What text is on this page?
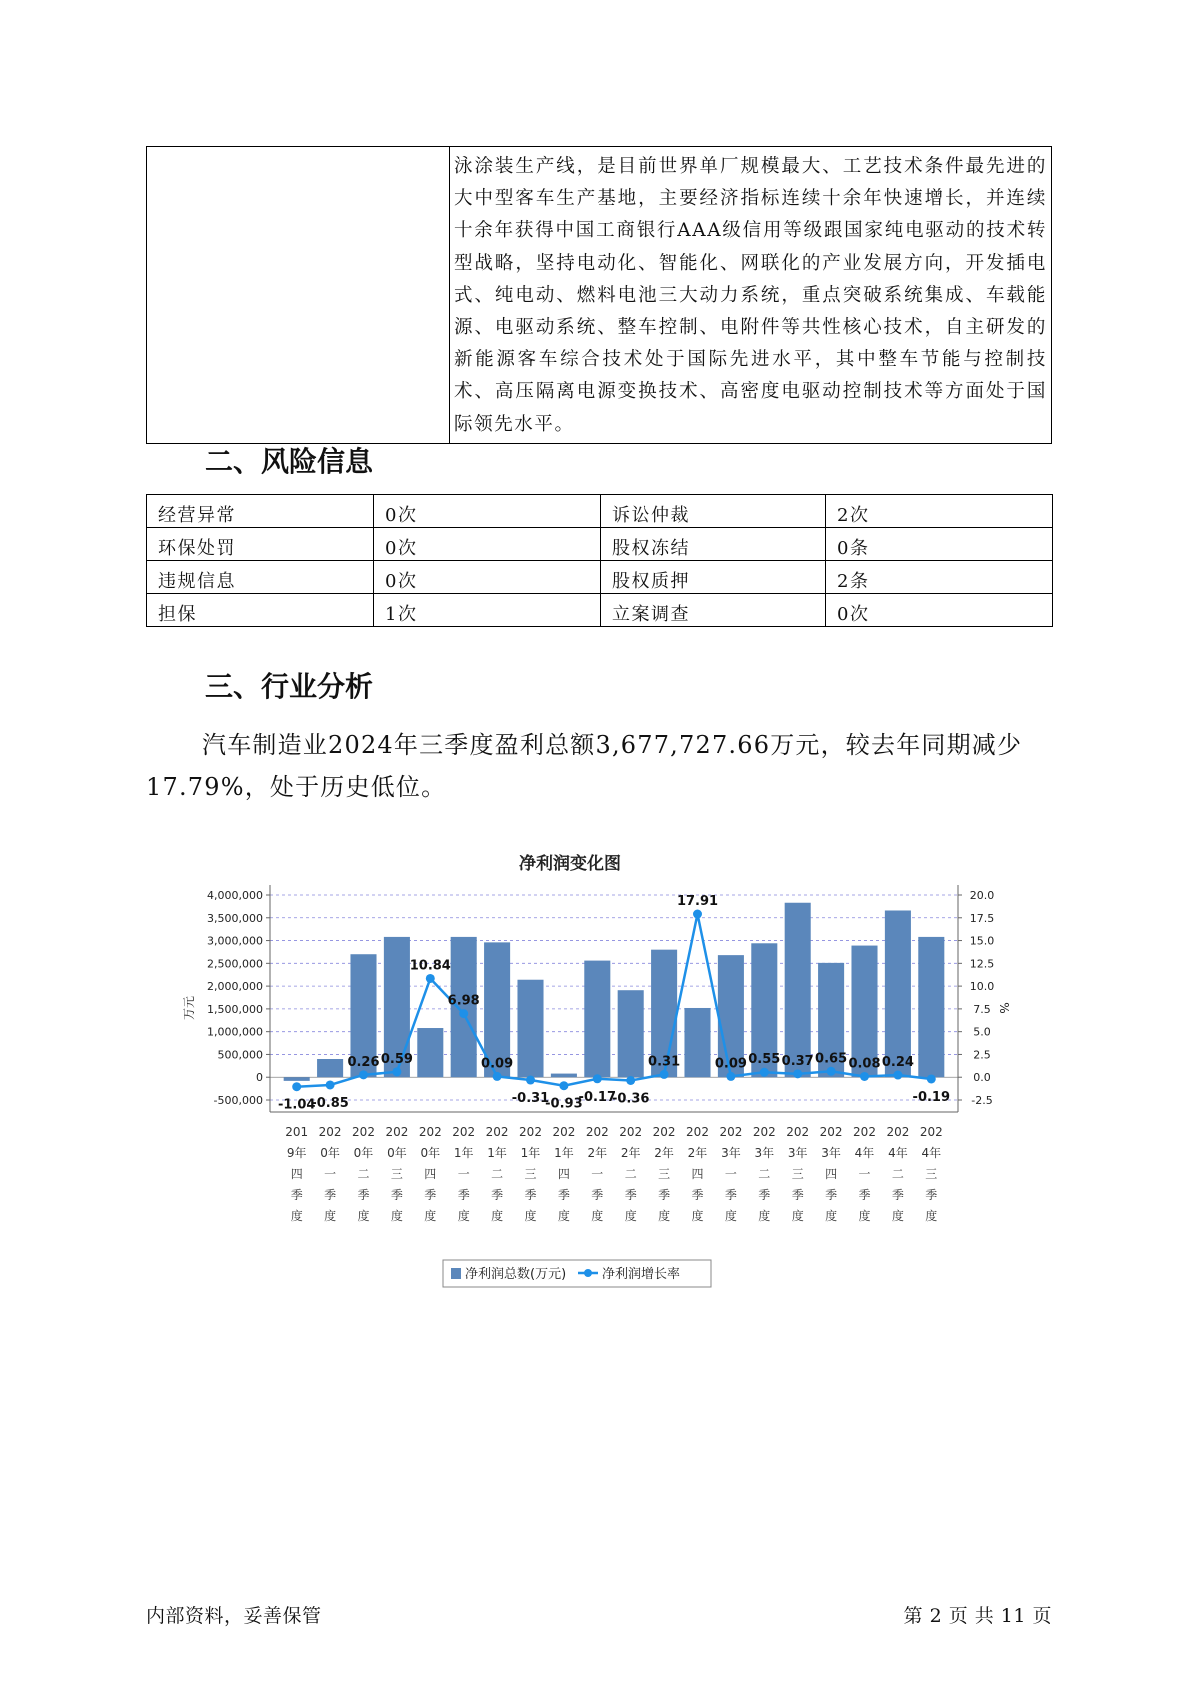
	泳涂装生产线，是目前世界单厂规模最大、工艺技术条件最先进的大中型客车生产基地，主要经济指标连续十余年快速增长，并连续十余年获得中国工商银行AAA级信用等级跟国家纯电驱动的技术转型战略，坚持电动化、智能化、网联化的产业发展方向，开发插电式、纯电动、燃料电池三大动力系统，重点突破系统集成、车载能源、电驱动系统、整车控制、电附件等共性核心技术，自主研发的新能源客车综合技术处于国际先进水平，其中整车节能与控制技术、高压隔离电源变换技术、高密度电驱动控制技术等方面处于国际领先水平。
二、风险信息
经营异常	0次	诉讼仲裁	2次
环保处罚	0次	股权冻结	0条
违规信息	0次	股权质押	2条
担保	1次	立案调查	0次
三、行业分析

汽车制造业2024年三季度盈利总额3,677,727.66万元，较去年同期减少17.79%，处于历史低位。

净利润变化图
4,000,000
3,500,000
3,000,000
2,500,000
2,000,000
1,500,000
1,000,000
500,000
0
-500,000
20.0
17.5
15.0
12.5
10.0
7.5
5.0
2.5
0.0
-2.5
万元	%
201
9年
四
季
度
202
0年
一
季
度
202
0年
二
季
度
202
0年
三
季
度
202
0年
四
季
度
202
1年
一
季
度
202
1年
二
季
度
202
1年
三
季
度
202
1年
四
季
度
202
2年
一
季
度
202
2年
二
季
度
202
2年
三
季
度
202
2年
四
季
度
202
3年
一
季
度
202
3年
二
季
度
202
3年
三
季
度
202
3年
四
季
度
202
4年
一
季
度
202
4年
二
季
度
202
4年
三
季
度
-1.04
-0.85
0.26 0.59
10.84
6.98
0.09
-0.31
-0.93
-0.17
-0.36
0.31
17.91
0.09 0.55 0.37 0.65 0.08 0.24
-0.19
净利润总数(万元)	净利润增长率
内部资料，妥善保管	第 2 页 共 11 页
